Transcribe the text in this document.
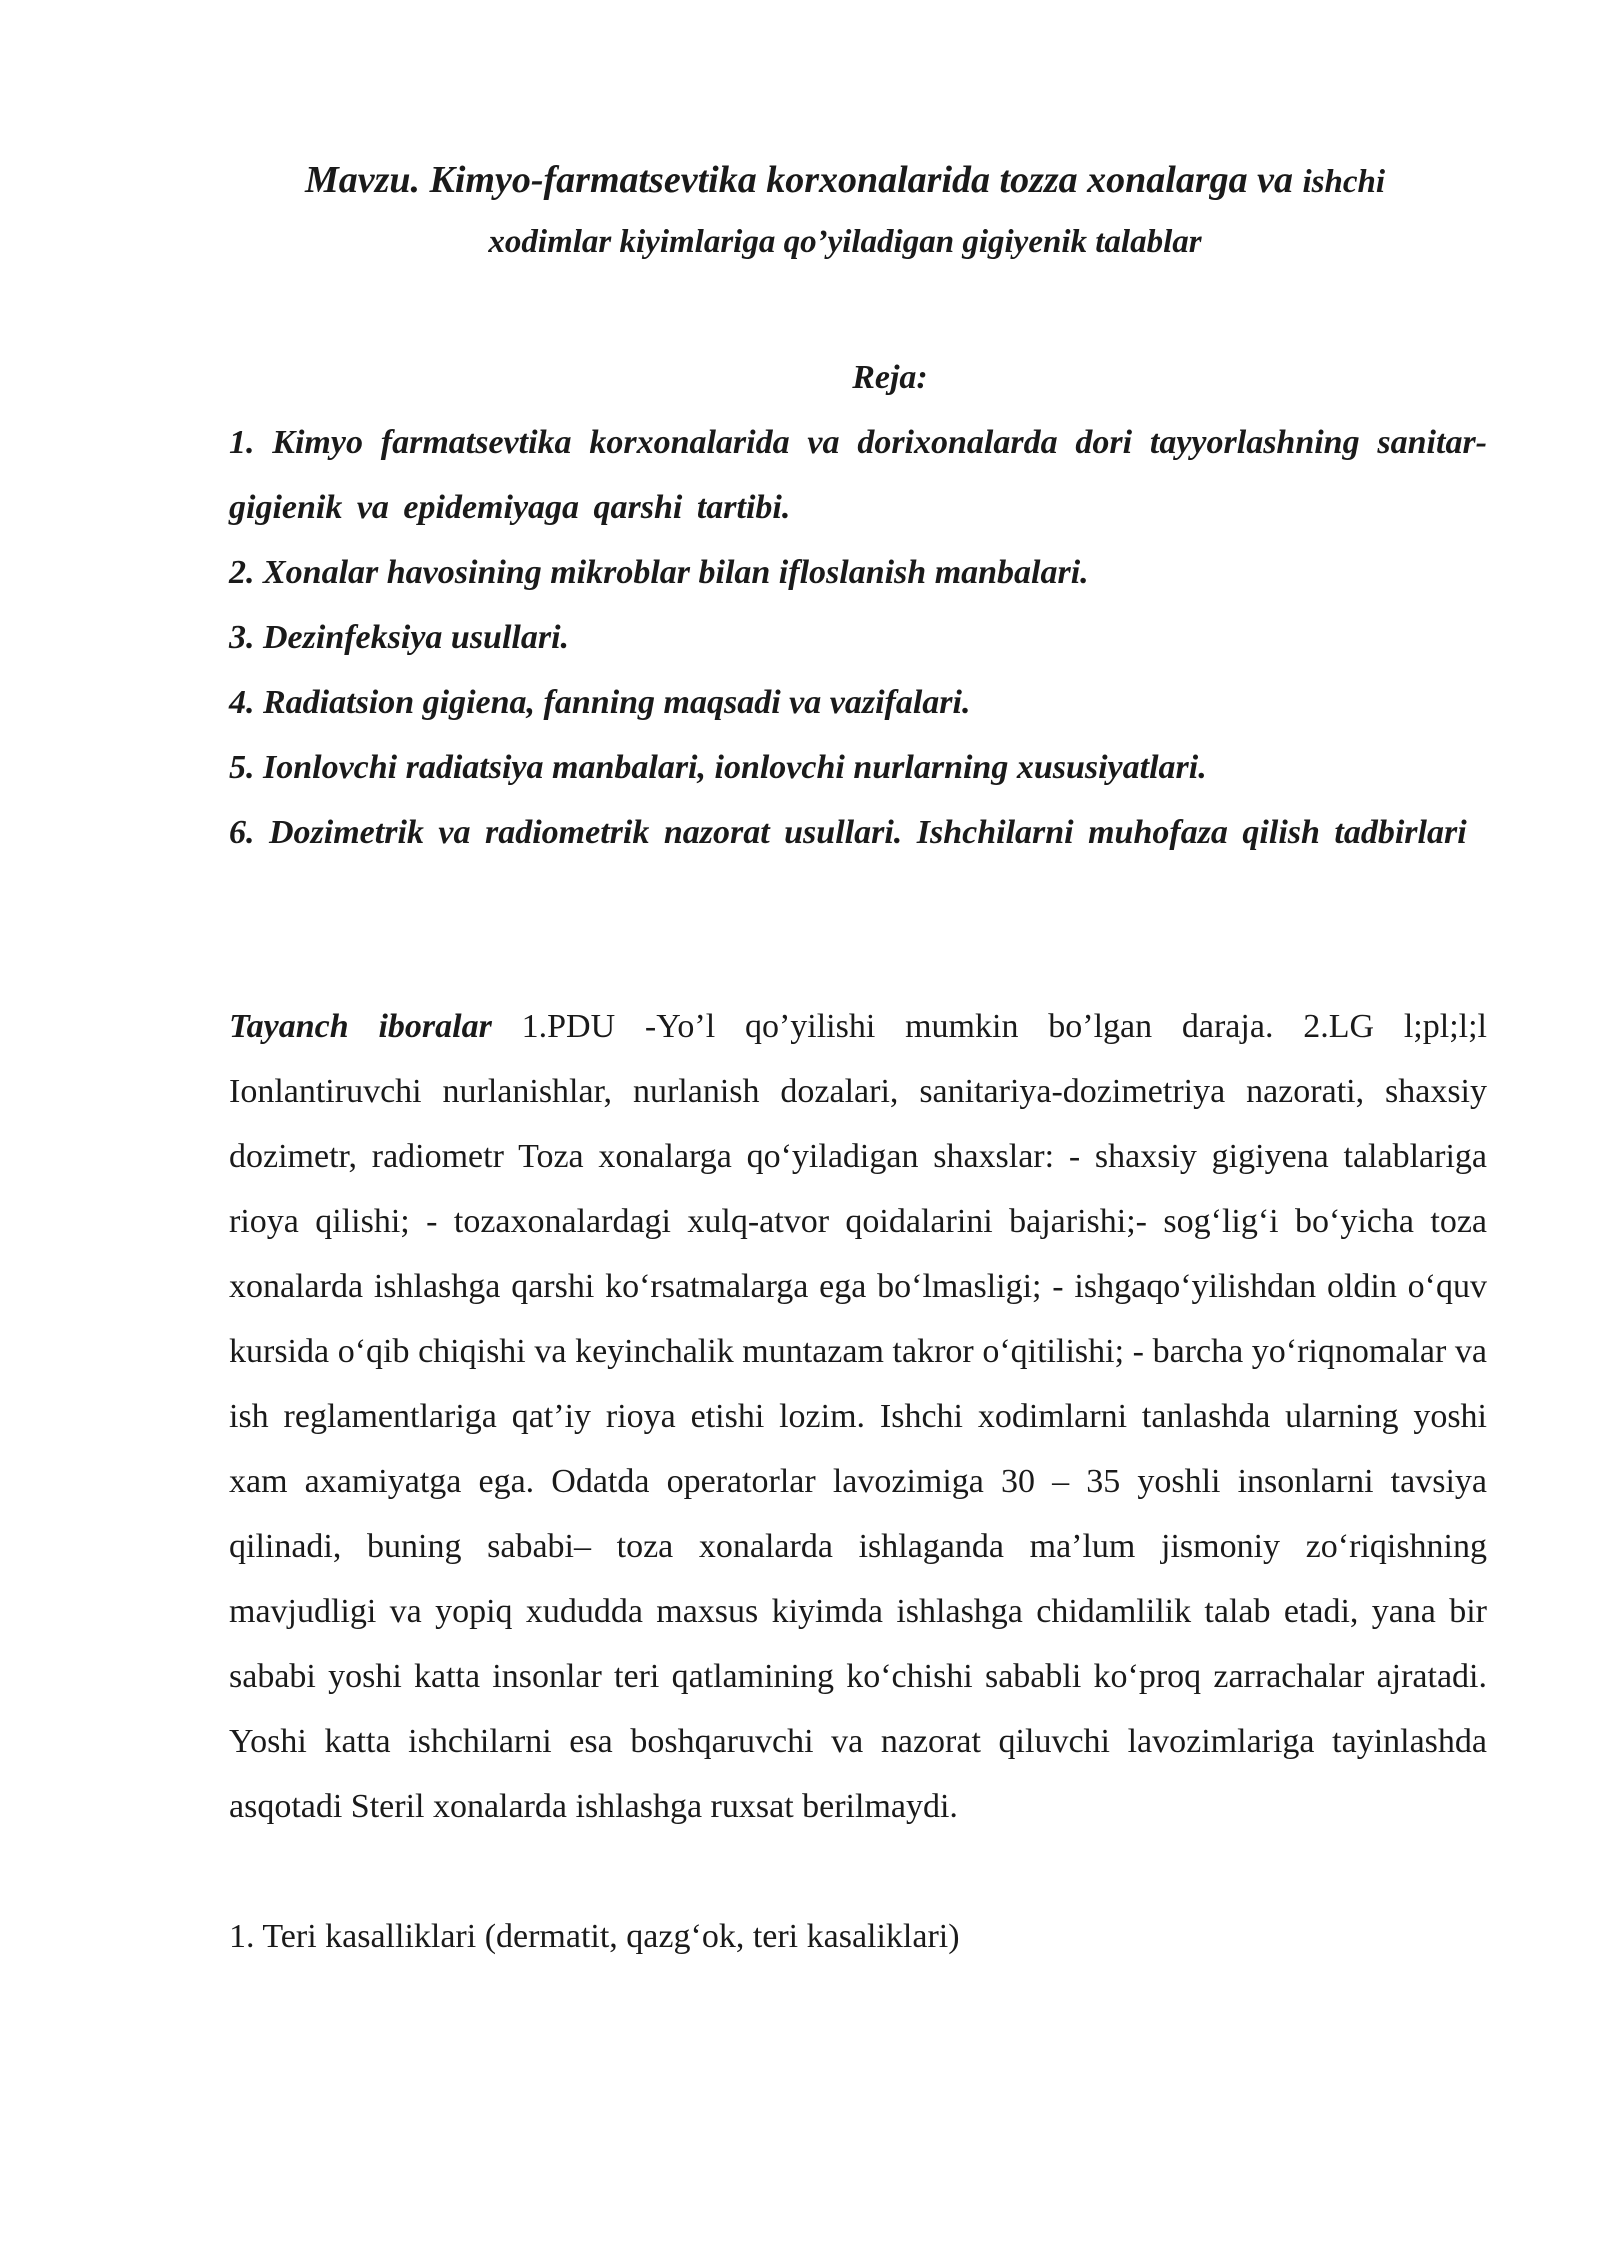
Mavzu. Kimyo-farmatsevtika korxonalarida tozza xonalarga va ishchi
xodimlar kiyimlariga qo’yiladigan gigiyenik talablar
Reja:
1. Kimyo farmatsevtika korxonalarida va dorixonalarda dori tayyorlashning sanitar-gigienik va epidemiyaga qarshi tartibi.
2. Xonalar havosining mikroblar bilan ifloslanish manbalari.
3. Dezinfeksiya usullari.
4. Radiatsion gigiena, fanning maqsadi va vazifalari.
5. Ionlovchi radiatsiya manbalari, ionlovchi nurlarning xususiyatlari.
6. Dozimetrik va radiometrik nazorat usullari. Ishchilarni muhofaza qilish tadbirlari

Tayanch iboralar 1.PDU -Yo’l qo’yilishi mumkin bo’lgan daraja. 2.LG l;pl;l;l Ionlantiruvchi nurlanishlar, nurlanish dozalari, sanitariya-dozimetriya nazorati, shaxsiy dozimetr, radiometr Toza xonalarga qo‘yiladigan shaxslar: - shaxsiy gigiyena talablariga rioya qilishi; - tozaxonalardagi xulq-atvor qoidalarini bajarishi;- sog‘lig‘i bo‘yicha toza xonalarda ishlashga qarshi ko‘rsatmalarga ega bo‘lmasligi; - ishgaqo‘yilishdan oldin o‘quv kursida o‘qib chiqishi va keyinchalik muntazam takror o‘qitilishi; - barcha yo‘riqnomalar va ish reglamentlariga qat’iy rioya etishi lozim. Ishchi xodimlarni tanlashda ularning yoshi xam axamiyatga ega. Odatda operatorlar lavozimiga 30 – 35 yoshli insonlarni tavsiya qilinadi, buning sababi– toza xonalarda ishlaganda ma’lum jismoniy zo‘riqishning mavjudligi va yopiq xududda maxsus kiyimda ishlashga chidamlilik talab etadi, yana bir sababi yoshi katta insonlar teri qatlamining ko‘chishi sababli ko‘proq zarrachalar ajratadi. Yoshi katta ishchilarni esa boshqaruvchi va nazorat qiluvchi lavozimlariga tayinlashda asqotadi Steril xonalarda ishlashga ruxsat berilmaydi.

1. Teri kasalliklari (dermatit, qazg‘ok, teri kasaliklari)
